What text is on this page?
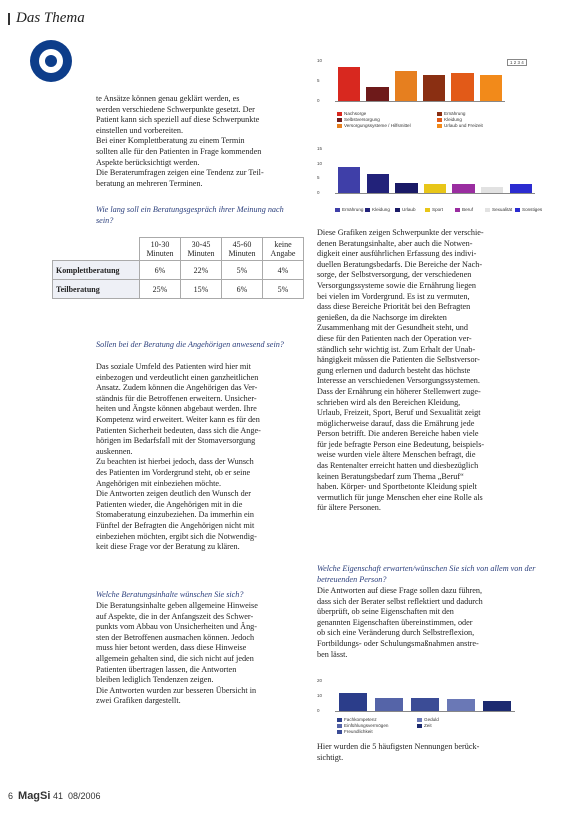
Das Thema

te Ansätze können genau geklärt werden, es

werden verschiedene Schwerpunkte gesetzt. Der

Patient kann sich speziell auf diese Schwerpunkte

einstellen und vorbereiten.

Bei einer Komplettberatung zu einem Termin

sollten alle für den Patienten in Frage kommenden

Aspekte berücksichtigt werden.

Die Beraterumfragen zeigen eine Tendenz zur Teil-

beratung an mehreren Terminen.

Wie lang soll ein Beratungsgespräch ihrer Meinung nach sein?
	10-30 Minuten	30-45 Minuten	45-60 Minuten	keine Angabe
Komplettberatung	6%	22%	5%	4%
Teilberatung	25%	15%	6%	5%
Sollen bei der Beratung die Angehörigen anwesend sein?

Das soziale Umfeld des Patienten wird hier mit

einbezogen und verdeutlicht einen ganzheitlichen

Ansatz. Zudem können die Angehörigen das Ver-

ständnis für die Betroffenen erweitern. Unsicher-

heiten und Ängste können abgebaut werden. Ihre

Kompetenz wird erweitert. Weiter kann es für den

Patienten Sicherheit bedeuten, dass sich die Ange-

hörigen im Bedarfsfall mit der Stomaversorgung

auskennen.

Zu beachten ist hierbei jedoch, dass der Wunsch

des Patienten im Vordergrund steht, ob er seine

Angehörigen mit einbeziehen möchte.

Die Antworten zeigen deutlich den Wunsch der

Patienten wieder, die Angehörigen mit in die

Stomaberatung einzubeziehen. Da immerhin ein

Fünftel der Befragten die Angehörigen nicht mit

einbeziehen möchten, ergibt sich die Notwendig-

keit diese Frage vor der Beratung zu klären.

Welche Beratungsinhalte wünschen Sie sich?

Die Beratungsinhalte geben allgemeine Hinweise

auf Aspekte, die in der Anfangszeit des Schwer-

punkts vom Abbau von Unsicherheiten und Äng-

sten der Betroffenen ausmachen können. Jedoch

muss hier betont werden, dass diese Hinweise

allgemein gehalten sind, die sich nicht auf jeden

Patienten übertragen lassen, die Antworten

bleiben lediglich Tendenzen zeigen.

Die Antworten wurden zur besseren Übersicht in

zwei Grafiken dargestellt.

10
5
0
Nachsorge
Selbstversorgung
Versorgungssysteme / Hilfsmittel
Ernährung
Kleidung
Urlaub und Freizeit
1 2 3 4
15
10
5
0
Ernährung	Kleidung	Urlaub	Sport	Beruf	Sexualität	Sonstiges

Diese Grafiken zeigen Schwerpunkte der verschie-

denen Beratungsinhalte, aber auch die Notwen-

digkeit einer ausführlichen Erfassung des indivi-

duellen Beratungsbedarfs. Die Bereiche der Nach-

sorge, der Selbstversorgung, der verschiedenen

Versorgungssysteme sowie die Ernährung liegen

bei vielen im Vordergrund. Es ist zu vermuten,

dass diese Bereiche Priorität bei den Befragten

genießen, da die Nachsorge im direkten

Zusammenhang mit der Gesundheit steht, und

diese für den Patienten nach der Operation ver-

ständlich sehr wichtig ist. Zum Erhalt der Unab-

hängigkeit müssen die Patienten die Selbstversor-

gung erlernen und dadurch besteht das höchste

Interesse an verschiedenen Versorgungssystemen.

Dass der Ernährung ein höherer Stellenwert zuge-

schrieben wird als den Bereichen Kleidung,

Urlaub, Freizeit, Sport, Beruf und Sexualität zeigt

möglicherweise darauf, dass die Ernährung jede

Person betrifft. Die anderen Bereiche haben viele

für jede befragte Person eine Bedeutung, beispiels-

weise wurden viele ältere Menschen befragt, die

das Rentenalter erreicht hatten und diesbezüglich

keinen Beratungsbedarf zum Thema „Beruf“

haben. Körper- und Sportbetonte Kleidung spielt

vermutlich für junge Menschen eher eine Rolle als

für ältere Personen.

Welche Eigenschaft erwarten/wünschen Sie sich von allem von der betreuenden Person?

Die Antworten auf diese Frage sollen dazu führen,

dass sich der Berater selbst reflektiert und dadurch

überprüft, ob seine Eigenschaften mit den

genannten Eigenschaften übereinstimmen, oder

ob sich eine Veränderung durch Selbstreflexion,

Fortbildungs- oder Schulungsmaßnahmen anstre-

ben lässt.

20
10
0
Fachkompetenz
Einfühlungsvermögen
Freundlichkeit
Geduld
Zeit

Hier wurden die 5 häufigsten Nennungen berück-

sichtigt.

6 MagSi 41 08/2006
